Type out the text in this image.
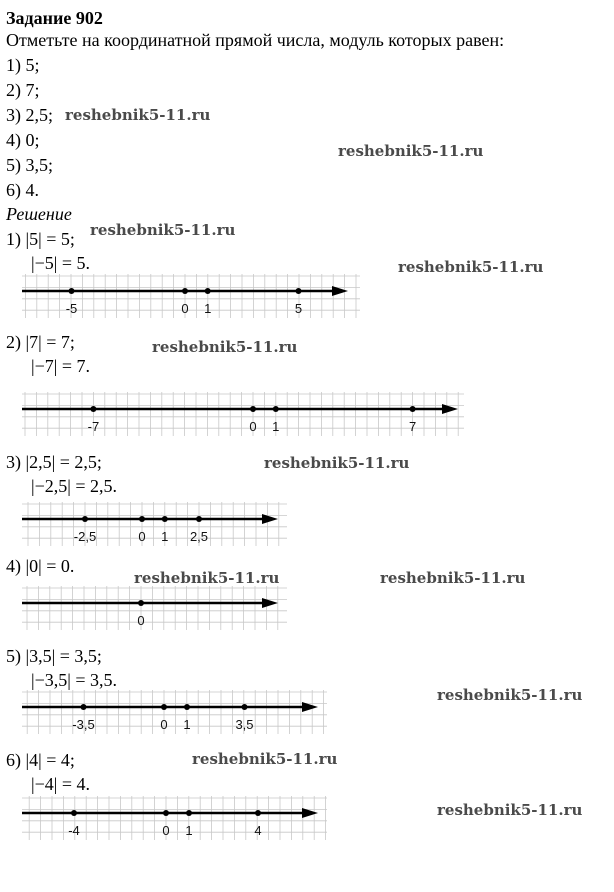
Задание 902
Отметьте на координатной прямой числа, модуль которых равен:
1) 5;
2) 7;
3) 2,5;
4) 0;
5) 3,5;
6) 4.
Решение
1) |5| = 5;
|−5| = 5.
-5	0 1	5
2) |7| = 7;
|−7| = 7.
-7	0 1	7
3) |2,5| = 2,5;
|−2,5| = 2,5.
-2,5	0 1 2,5
4) |0| = 0.
0
5) |3,5| = 3,5;
|−3,5| = 3,5.
-3,5	0 1	3,5
6) |4| = 4;
|−4| = 4.
-4	0 1	4
reshebnik5-11.ru
reshebnik5-11.ru
reshebnik5-11.ru
reshebnik5-11.ru
reshebnik5-11.ru
reshebnik5-11.ru
reshebnik5-11.ru	reshebnik5-11.ru
reshebnik5-11.ru
reshebnik5-11.ru
reshebnik5-11.ru
